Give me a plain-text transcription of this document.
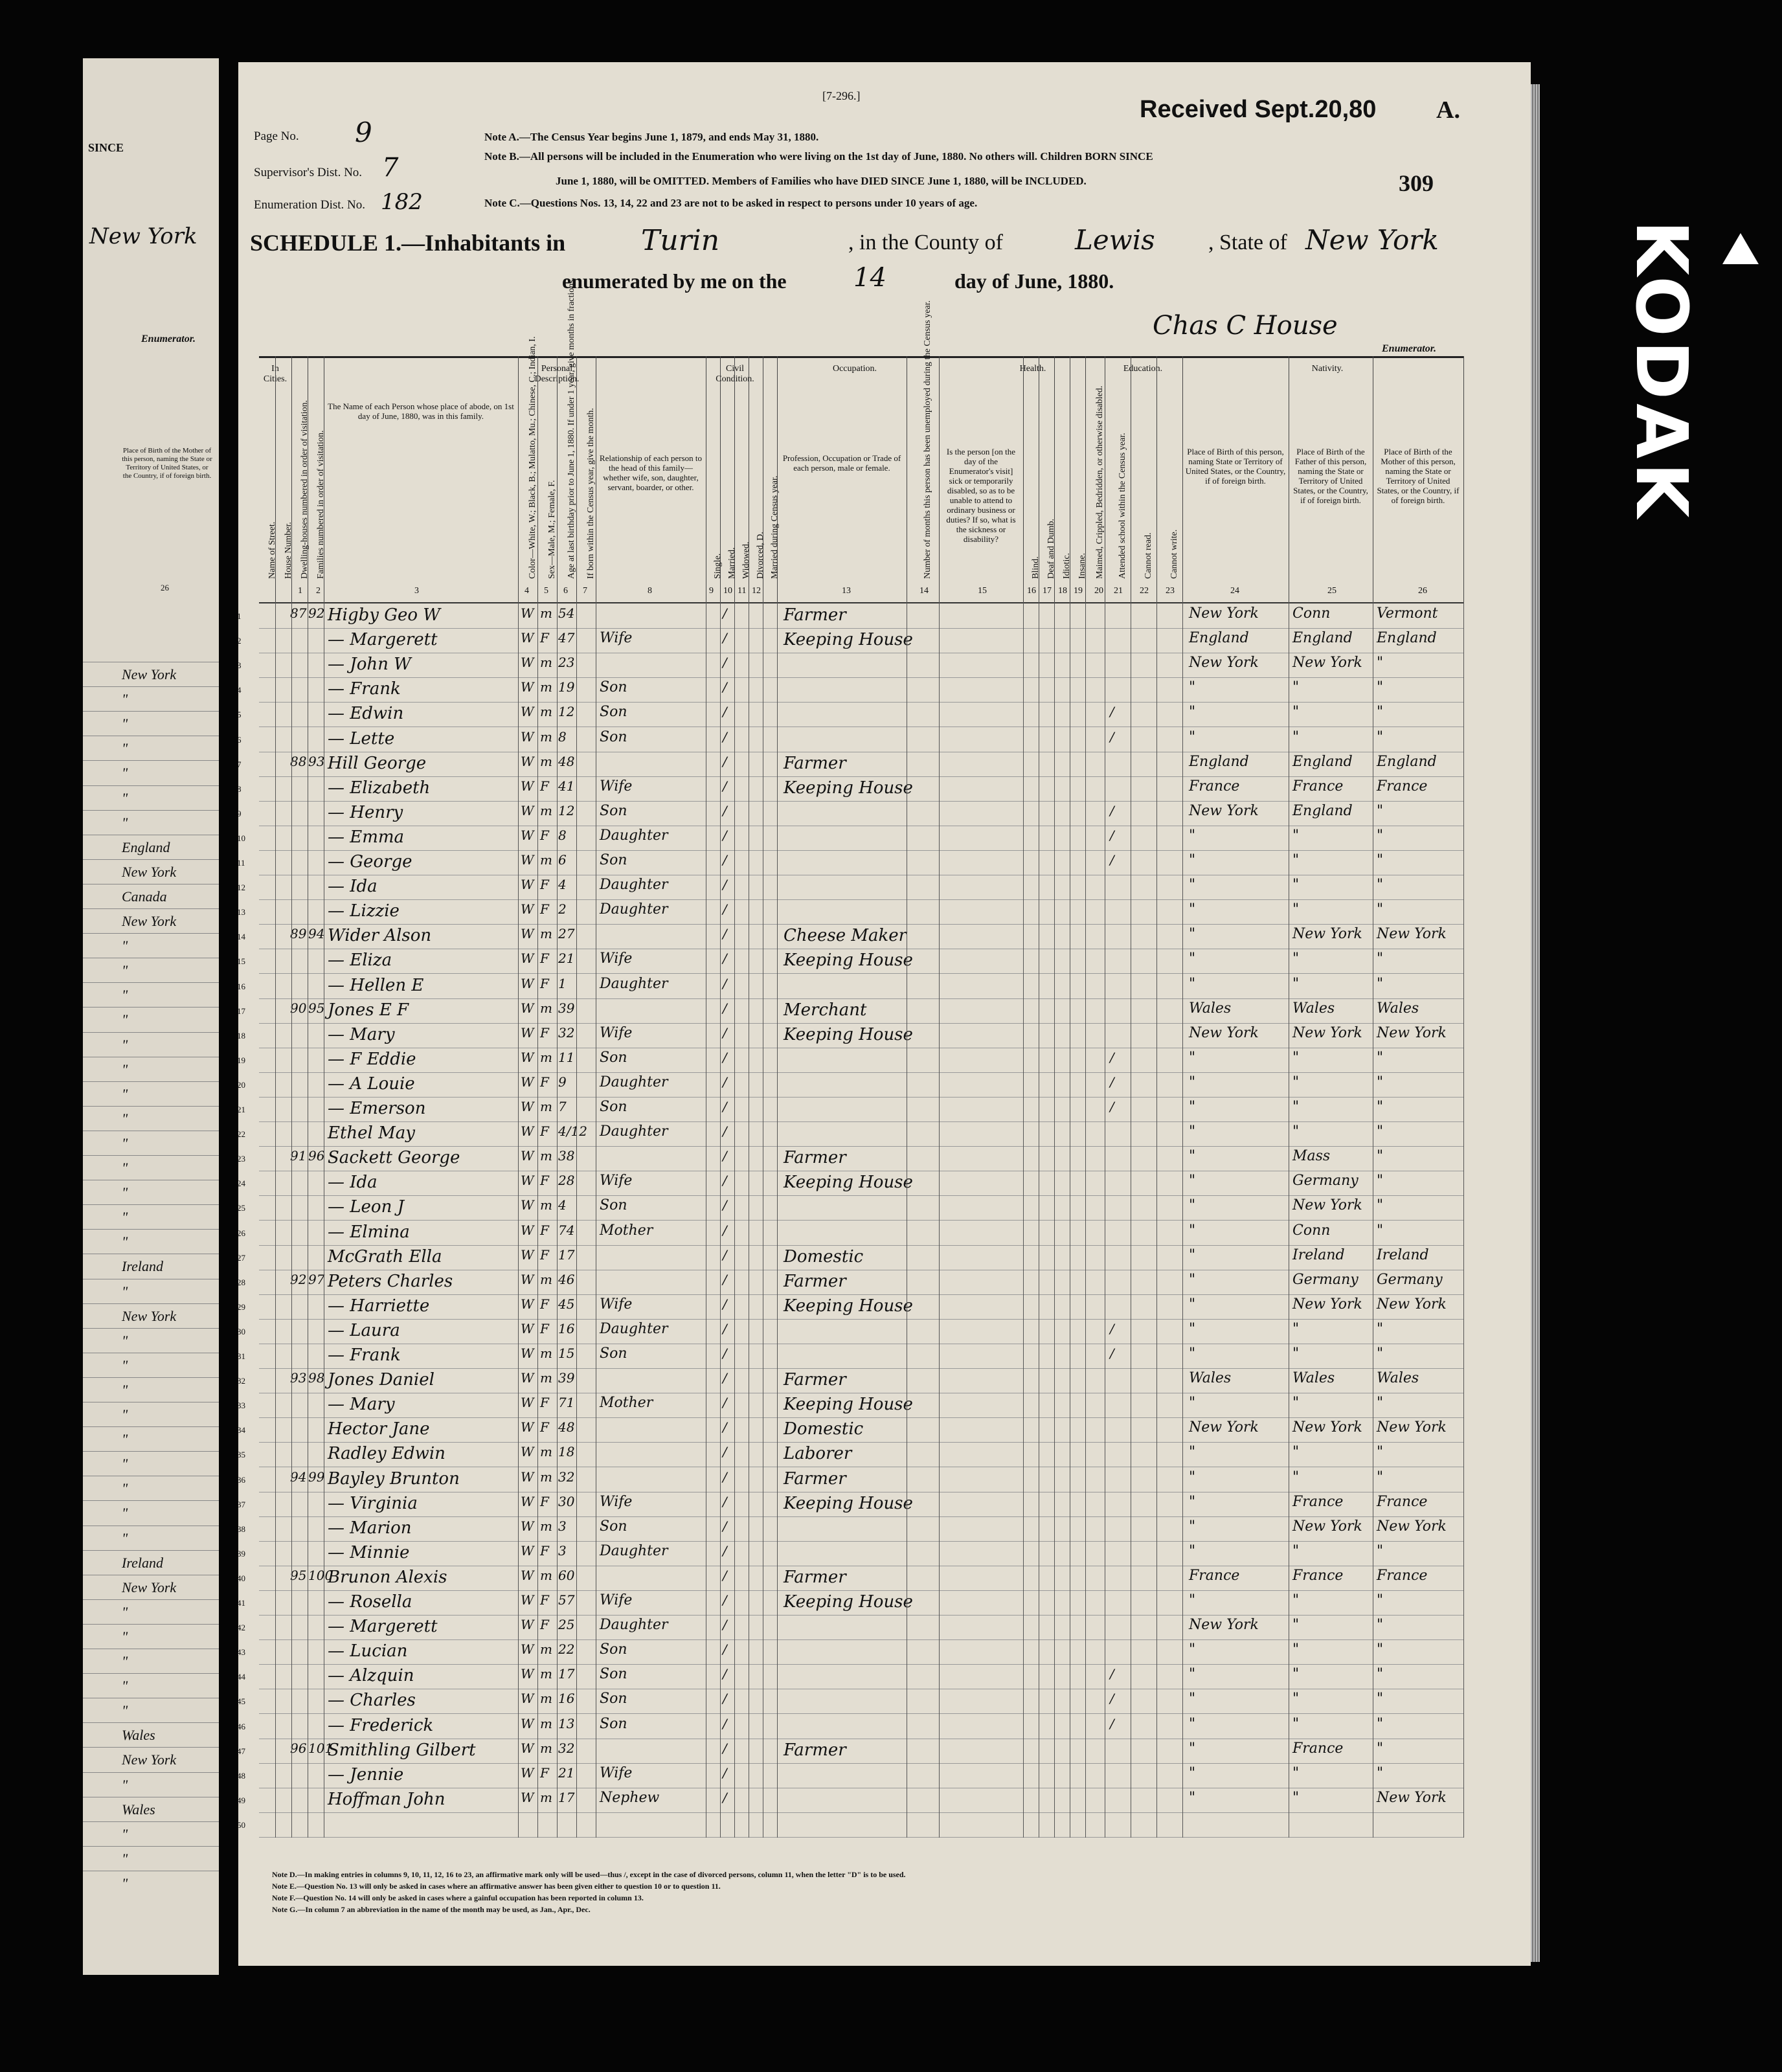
SINCE
New York
Enumerator.
Place of Birth of the Mother of this person, naming the State or Territory of United States, or the Country, if of foreign birth.
26
New York
"
"
"
"
"
"
England
New York
Canada
New York
"
"
"
"
"
"
"
"
"
"
"
"
"
Ireland
"
New York
"
"
"
"
"
"
"
"
"
Ireland
New York
"
"
"
"
"
Wales
New York
"
Wales
"
"
"
[7-296.]	Received Sept.20,80 A.
309
Page No. 9
Supervisor's Dist. No. 7
Enumeration Dist. No. 182
Note A.—The Census Year begins June 1, 1879, and ends May 31, 1880.
Note B.—All persons will be included in the Enumeration who were living on the 1st day of June, 1880. No others will. Children BORN SINCE
June 1, 1880, will be OMITTED. Members of Families who have DIED SINCE June 1, 1880, will be INCLUDED.
Note C.—Questions Nos. 13, 14, 22 and 23 are not to be asked in respect to persons under 10 years of age.
SCHEDULE 1.—Inhabitants in	Turin	, in the County of	Lewis , State of New York
enumerated by me on the	14	day of June, 1880.
Chas C House
Enumerator.
In Cities.
Personal Description.
Civil Condition.
Occupation.	Health.	Education.	Nativity.
Name of Street. House Number. Dwelling-houses numbered in order of visitation. Families numbered in order of visitation.
The Name of each Person whose place of abode, on 1st day of June, 1880, was in this family.	Color—White, W.; Black, B.; Mulatto, Mu.; Chinese, C.; Indian, I. Sex—Male, M.; Female, F. Age at last birthday prior to June 1, 1880. If under 1 year, give months in fractions. If born within the Census year, give the month. Relationship of each person to the head of this family—whether wife, son, daughter, servant, boarder, or other.
Single. Married. Widowed. Divorced, D. Married during Census year.
Profession, Occupation or Trade of each person, male or female.	Number of months this person has been unemployed during the Census year.	Is the person [on the day of the Enumerator's visit] sick or temporarily disabled, so as to be unable to attend to ordinary business or duties? If so, what is the sickness or disability?
Blind. Deaf and Dumb. Idiotic. Insane. Maimed, Crippled, Bedridden, or otherwise disabled. Attended school within the Census year. Cannot read. Cannot write.
Place of Birth of this person, naming State or Territory of United States, or the Country, if of foreign birth.
Place of Birth of the Father of this person, naming the State or Territory of United States, or the Country, if of foreign birth.
Place of Birth of the Mother of this person, naming the State or Territory of United States, or the Country, if of foreign birth.
1 2	3	4 5 6 7	8	9 10 11 12	13	14	15	16 17 18 19 20 21 22 23	24	25	26
1	87 92 Higby Geo W	W m 54	/	Farmer	New York Conn	Vermont
2	— Margerett	W F 47 Wife	/	Keeping House	England	England England
3	— John W	W m 23	/	New York New York "
4	— Frank	W m 19 Son	/	"	"	"
5	— Edwin	W m 12 Son	/	/	"	"	"
6	— Lette	W m 8 Son	/	/	"	"	"
7	88 93 Hill George	W m 48	/	Farmer	England	England England
8	— Elizabeth	W F 41 Wife	/	Keeping House	France	France France
9	— Henry	W m 12 Son	/	/	New York England "
10	— Emma	W F 8 Daughter	/	/	"	"	"
11	— George	W m 6 Son	/	/	"	"	"
12	— Ida	W F 4 Daughter	/	"	"	"
13	— Lizzie	W F 2 Daughter	/	"	"	"
14	89 94 Wider Alson	W m 27	/	Cheese Maker	"	New York New York
15	— Eliza	W F 21 Wife	/	Keeping House	"	"	"
16	— Hellen E	W F 1 Daughter	/	"	"	"
17	90 95 Jones E F	W m 39	/	Merchant	Wales	Wales	Wales
18	— Mary	W F 32 Wife	/	Keeping House	New York New York New York
19	— F Eddie	W m 11 Son	/	/	"	"	"
20	— A Louie	W F 9 Daughter	/	/	"	"	"
21	— Emerson	W m 7 Son	/	/	"	"	"
22	Ethel May	W F 4/12 Daughter	/	"	"	"
23	91 96 Sackett George	W m 38	/	Farmer	"	Mass	"
24	— Ida	W F 28 Wife	/	Keeping House	"	Germany "
25	— Leon J	W m 4 Son	/	"	New York "
26	— Elmina	W F 74 Mother	/	"	Conn	"
27	McGrath Ella	W F 17	/	Domestic	"	Ireland Ireland
28	92 97 Peters Charles	W m 46	/	Farmer	"	Germany Germany
29	— Harriette	W F 45 Wife	/	Keeping House	"	New York New York
30	— Laura	W F 16 Daughter	/	/	"	"	"
31	— Frank	W m 15 Son	/	/	"	"	"
32	93 98 Jones Daniel	W m 39	/	Farmer	Wales	Wales	Wales
33	— Mary	W F 71 Mother	/	Keeping House	"	"	"
34	Hector Jane	W F 48	/	Domestic	New York New York New York
35	Radley Edwin	W m 18	/	Laborer	"	"	"
36	94 99 Bayley Brunton	W m 32	/	Farmer	"	"	"
37	— Virginia	W F 30 Wife	/	Keeping House	"	France France
38	— Marion	W m 3 Son	/	"	New York New York
39	— Minnie	W F 3 Daughter	/	"	"	"
40	95 100
Brunon Alexis	W m 60	/	Farmer	France	France France
41	— Rosella	W F 57 Wife	/	Keeping House	"	"	"
42	— Margerett	W F 25 Daughter	/	New York "	"
43	— Lucian	W m 22 Son	/	"	"	"
44	— Alzquin	W m 17 Son	/	/	"	"	"
45	— Charles	W m 16 Son	/	/	"	"	"
46	— Frederick	W m 13 Son	/	/	"	"	"
47	96 101
Smithling Gilbert	W m 32	/	Farmer	"	France "
48	— Jennie	W F 21 Wife	/	"	"	"
49	Hoffman John	W m 17 Nephew	/	"	"	New York
50
Note D.—In making entries in columns 9, 10, 11, 12, 16 to 23, an affirmative mark only will be used—thus /, except in the case of divorced persons, column 11, when the letter "D" is to be used.
Note E.—Question No. 13 will only be asked in cases where an affirmative answer has been given either to question 10 or to question 11.
Note F.—Question No. 14 will only be asked in cases where a gainful occupation has been reported in column 13.
Note G.—In column 7 an abbreviation in the name of the month may be used, as Jan., Apr., Dec.
KODAK
